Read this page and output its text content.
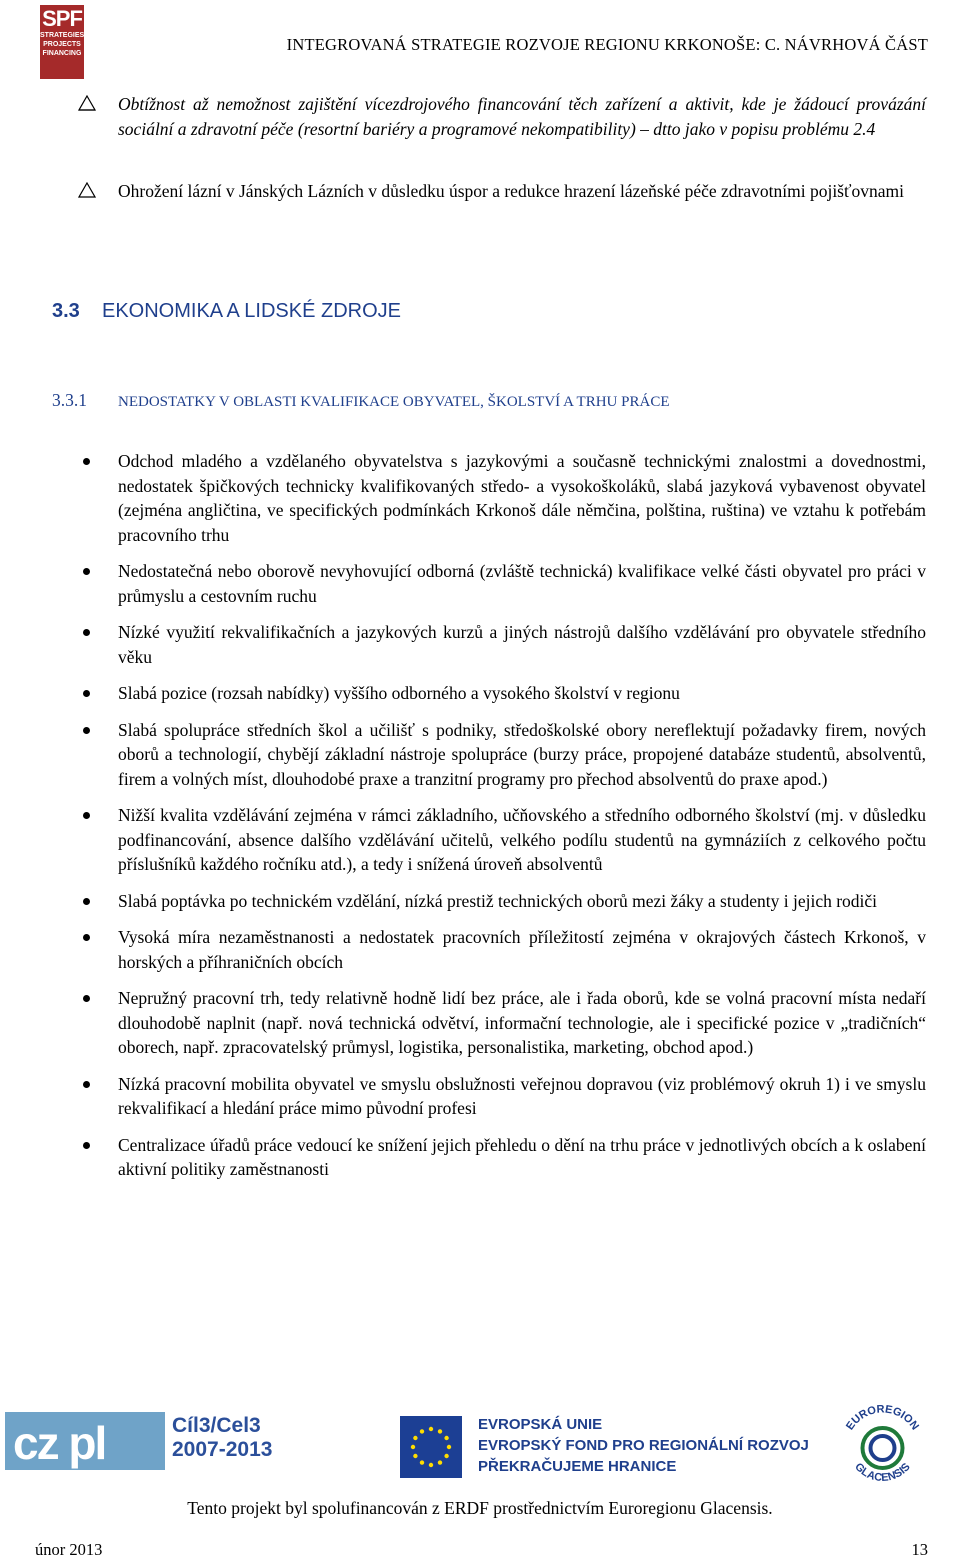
SPF
STRATEGIES PROJECTS FINANCING	INTEGROVANÁ STRATEGIE ROZVOJE REGIONU KRKONOŠE: C. NÁVRHOVÁ ČÁST
Obtížnost až nemožnost zajištění vícezdrojového financování těch zařízení a aktivit, kde je žádoucí provázání sociální a zdravotní péče (resortní bariéry a programové nekompatibility) – dtto jako v popisu problému 2.4
Ohrožení lázní v Jánských Lázních v důsledku úspor a redukce hrazení lázeňské péče zdravotními pojišťovnami
3.3 EKONOMIKA A LIDSKÉ ZDROJE
3.3.1 NEDOSTATKY V OBLASTI KVALIFIKACE OBYVATEL, ŠKOLSTVÍ A TRHU PRÁCE
Odchod mladého a vzdělaného obyvatelstva s jazykovými a současně technickými znalostmi a dovednostmi, nedostatek špičkových technicky kvalifikovaných středo- a vysokoškoláků, slabá jazyková vybavenost obyvatel (zejména angličtina, ve specifických podmínkách Krkonoš dále němčina, polština, ruština) ve vztahu k potřebám pracovního trhu
Nedostatečná nebo oborově nevyhovující odborná (zvláště technická) kvalifikace velké části obyvatel pro práci v průmyslu a cestovním ruchu
Nízké využití rekvalifikačních a jazykových kurzů a jiných nástrojů dalšího vzdělávání pro obyvatele středního věku
Slabá pozice (rozsah nabídky) vyššího odborného a vysokého školství v regionu
Slabá spolupráce středních škol a učilišť s podniky, středoškolské obory nereflektují požadavky firem, nových oborů a technologií, chybějí základní nástroje spolupráce (burzy práce, propojené databáze studentů, absolventů, firem a volných míst, dlouhodobé praxe a tranzitní programy pro přechod absolventů do praxe apod.)
Nižší kvalita vzdělávání zejména v rámci základního, učňovského a středního odborného školství (mj. v důsledku podfinancování, absence dalšího vzdělávání učitelů, velkého podílu studentů na gymnáziích z celkového počtu příslušníků každého ročníku atd.), a tedy i snížená úroveň absolventů
Slabá poptávka po technickém vzdělání, nízká prestiž technických oborů mezi žáky a studenty i jejich rodiči
Vysoká míra nezaměstnanosti a nedostatek pracovních příležitostí zejména v okrajových částech Krkonoš, v horských a příhraničních obcích
Nepružný pracovní trh, tedy relativně hodně lidí bez práce, ale i řada oborů, kde se volná pracovní místa nedaří dlouhodobě naplnit (např. nová technická odvětví, informační technologie, ale i specifické pozice v „tradičních“ oborech, např. zpracovatelský průmysl, logistika, personalistika, marketing, obchod apod.)
Nízká pracovní mobilita obyvatel ve smyslu obslužnosti veřejnou dopravou (viz problémový okruh 1) i ve smyslu rekvalifikací a hledání práce mimo původní profesi
Centralizace úřadů práce vedoucí ke snížení jejich přehledu o dění na trhu práce v jednotlivých obcích a k oslabení aktivní politiky zaměstnanosti
cz pl	Cíl3/Cel3
2007-2013
EVROPSKÁ UNIE
EVROPSKÝ FOND PRO REGIONÁLNÍ ROZVOJ
PŘEKRAČUJEME HRANICE
EUROREGION
GLACENSIS
Tento projekt byl spolufinancován z ERDF prostřednictvím Euroregionu Glacensis.
únor 2013	13
